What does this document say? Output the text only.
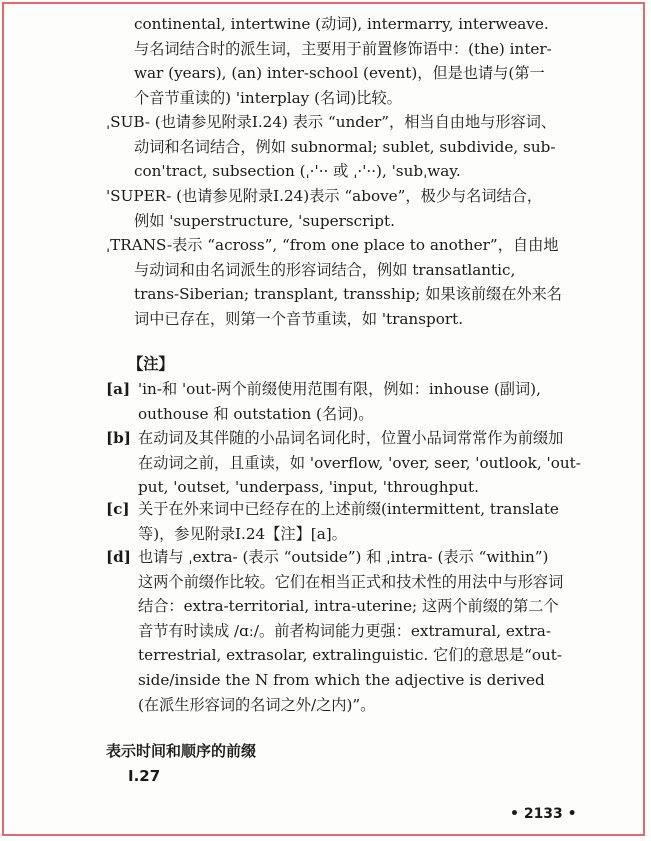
continental, intertwine (动词), intermarry, interweave.
与名词结合时的派生词，主要用于前置修饰语中：(the) inter-
war (years), (an) inter-school (event)，但是也请与(第一
个音节重读的) 'interplay (名词)比较。
ˌSUB- (也请参见附录Ⅰ.24) 表示 “under”，相当自由地与形容词、
动词和名词结合，例如 subnormal; sublet, subdivide, sub-
con'tract, subsection (ˌ·'·· 或 ˌ·'··), 'subˌway.
'SUPER- (也请参见附录Ⅰ.24)表示 “above”，极少与名词结合，
例如 'superstructure, 'superscript.
ˌTRANS-表示 “across”, “from one place to another”，自由地
与动词和由名词派生的形容词结合，例如 transatlantic,
trans-Siberian; transplant, transship; 如果该前缀在外来名
词中已存在，则第一个音节重读，如 'transport.
【注】
[a] 'in-和 'out-两个前缀使用范围有限，例如：inhouse (副词),
outhouse 和 outstation (名词)。
[b] 在动词及其伴随的小品词名词化时，位置小品词常常作为前缀加
在动词之前，且重读，如 'overflow, 'over, seer, 'outlook, 'out-
put, 'outset, 'underpass, 'input, 'throughput.
[c] 关于在外来词中已经存在的上述前缀(intermittent, translate
等)，参见附录Ⅰ.24【注】[a]。
[d] 也请与 ˌextra- (表示 “outside”) 和 ˌintra- (表示 “within”)
这两个前缀作比较。它们在相当正式和技术性的用法中与形容词
结合：extra-territorial, intra-uterine; 这两个前缀的第二个
音节有时读成 /ɑː/。前者构词能力更强：extramural, extra-
terrestrial, extrasolar, extralinguistic. 它们的意思是“out-
side/inside the N from which the adjective is derived
(在派生形容词的名词之外/之内)”。
表示时间和顺序的前缀
Ⅰ.27
• 2133 •
